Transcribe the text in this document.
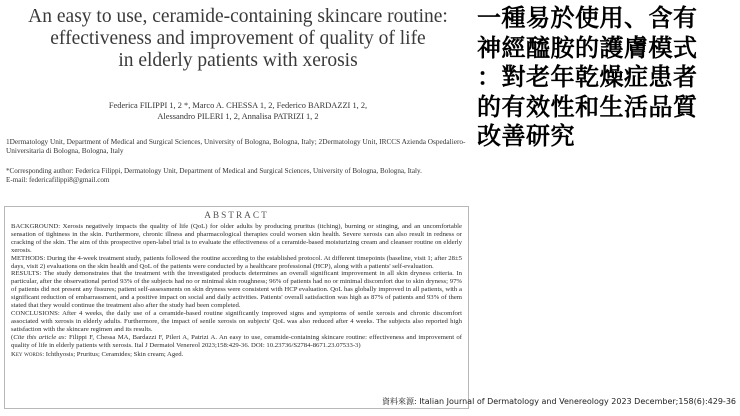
An easy to use, ceramide-containing skincare routine:
effectiveness and improvement of quality of life
in elderly patients with xerosis
Federica FILIPPI 1, 2 *, Marco A. CHESSA 1, 2, Federico BARDAZZI 1, 2,
Alessandro PILERI 1, 2, Annalisa PATRIZI 1, 2
1Dermatology Unit, Department of Medical and Surgical Sciences, University of Bologna, Bologna, Italy; 2Dermatology Unit, IRCCS Azienda Ospedaliero-Universitaria di Bologna, Bologna, Italy
*Corresponding author: Federica Filippi, Dermatology Unit, Department of Medical and Surgical Sciences, University of Bologna, Bologna, Italy.
E-mail: federicafilippi8@gmail.com
ABSTRACT

BACKGROUND: Xerosis negatively impacts the quality of life (QoL) for older adults by producing pruritus (itching), burning or stinging, and an uncomfortable sensation of tightness in the skin. Furthermore, chronic illness and pharmacological therapies could worsen skin health. Severe xerosis can also result in redness or cracking of the skin. The aim of this prospective open-label trial is to evaluate the effectiveness of a ceramide-based moisturizing cream and cleanser routine on elderly xerosis.

METHODS: During the 4-week treatment study, patients followed the routine according to the established protocol. At different timepoints (baseline, visit 1; after 28±5 days, visit 2) evaluations on the skin health and QoL of the patients were conducted by a healthcare professional (HCP), along with a patients' self-evaluation.

RESULTS: The study demonstrates that the treatment with the investigated products determines an overall significant improvement in all skin dryness criteria. In particular, after the observational period 93% of the subjects had no or minimal skin roughness; 96% of patients had no or minimal discomfort due to skin dryness; 97% of patients did not present any fissures; patient self-assessments on skin dryness were consistent with HCP evaluation. QoL has globally improved in all patients, with a significant reduction of embarrassment, and a positive impact on social and daily activities. Patients' overall satisfaction was high as 87% of patients and 93% of them stated that they would continue the treatment also after the study had been completed.

CONCLUSIONS: After 4 weeks, the daily use of a ceramide-based routine significantly improved signs and symptoms of senile xerosis and chronic discomfort associated with xerosis in elderly adults. Furthermore, the impact of senile xerosis on subjects' QoL was also reduced after 4 weeks. The subjects also reported high satisfaction with the skincare regimen and its results.

(Cite this article as: Filippi F, Chessa MA, Bardazzi F, Pileri A, Patrizi A. An easy to use, ceramide-containing skincare routine: effectiveness and improvement of quality of life in elderly patients with xerosis. Ital J Dermatol Venereol 2023;158:429-36. DOI: 10.23736/S2784-8671.23.07533-3)

Key words: Ichthyosis; Pruritus; Ceramides; Skin cream; Aged.

一種易於使用、含有
神經醯胺的護膚模式
：對老年乾燥症患者
的有效性和生活品質
改善研究
資料來源: Italian Journal of Dermatology and Venereology 2023 December;158(6):429-36
